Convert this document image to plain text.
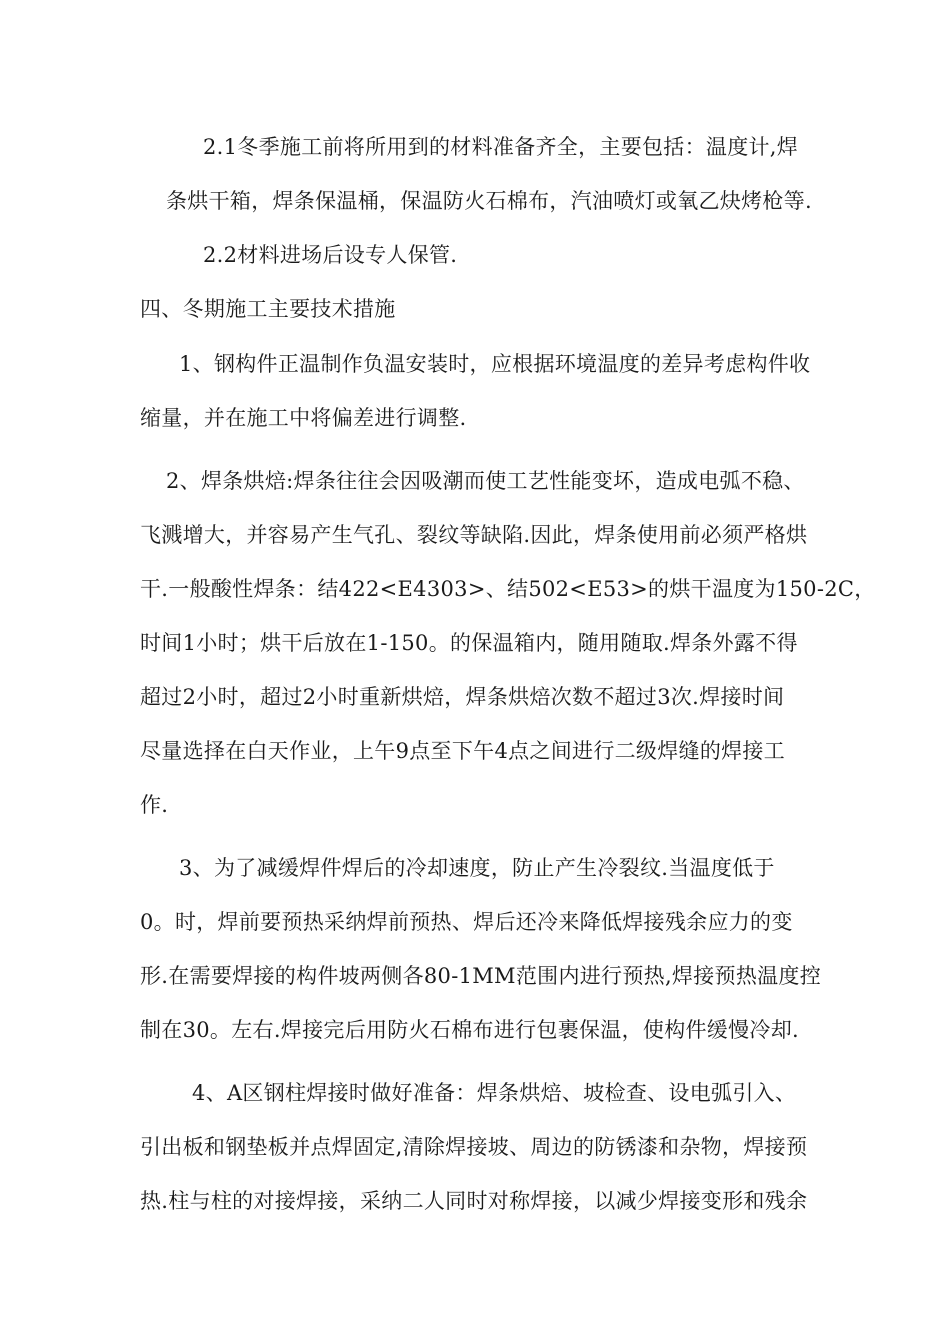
2.1冬季施工前将所用到的材料准备齐全，主要包括：温度计,焊
条烘干箱，焊条保温桶，保温防火石棉布，汽油喷灯或氧乙炔烤枪等.
2.2材料进场后设专人保管.
四、冬期施工主要技术措施
1、钢构件正温制作负温安装时，应根据环境温度的差异考虑构件收
缩量，并在施工中将偏差进行调整.
2、焊条烘焙:焊条往往会因吸潮而使工艺性能变坏，造成电弧不稳、
飞溅增大，并容易产生气孔、裂纹等缺陷.因此，焊条使用前必须严格烘
干.一般酸性焊条：结422<E4303>、结502<E53>的烘干温度为150-2C，
时间1小时；烘干后放在1-150。的保温箱内，随用随取.焊条外露不得
超过2小时，超过2小时重新烘焙，焊条烘焙次数不超过3次.焊接时间
尽量选择在白天作业，上午9点至下午4点之间进行二级焊缝的焊接工
作.
3、为了减缓焊件焊后的冷却速度，防止产生冷裂纹.当温度低于
0。时，焊前要预热采纳焊前预热、焊后还冷来降低焊接残余应力的变
形.在需要焊接的构件坡两侧各80-1MM范围内进行预热,焊接预热温度控
制在30。左右.焊接完后用防火石棉布进行包裹保温，使构件缓慢冷却.
4、A区钢柱焊接时做好准备：焊条烘焙、坡检查、设电弧引入、
引出板和钢垫板并点焊固定,清除焊接坡、周边的防锈漆和杂物，焊接预
热.柱与柱的对接焊接，采纳二人同时对称焊接，以减少焊接变形和残余
